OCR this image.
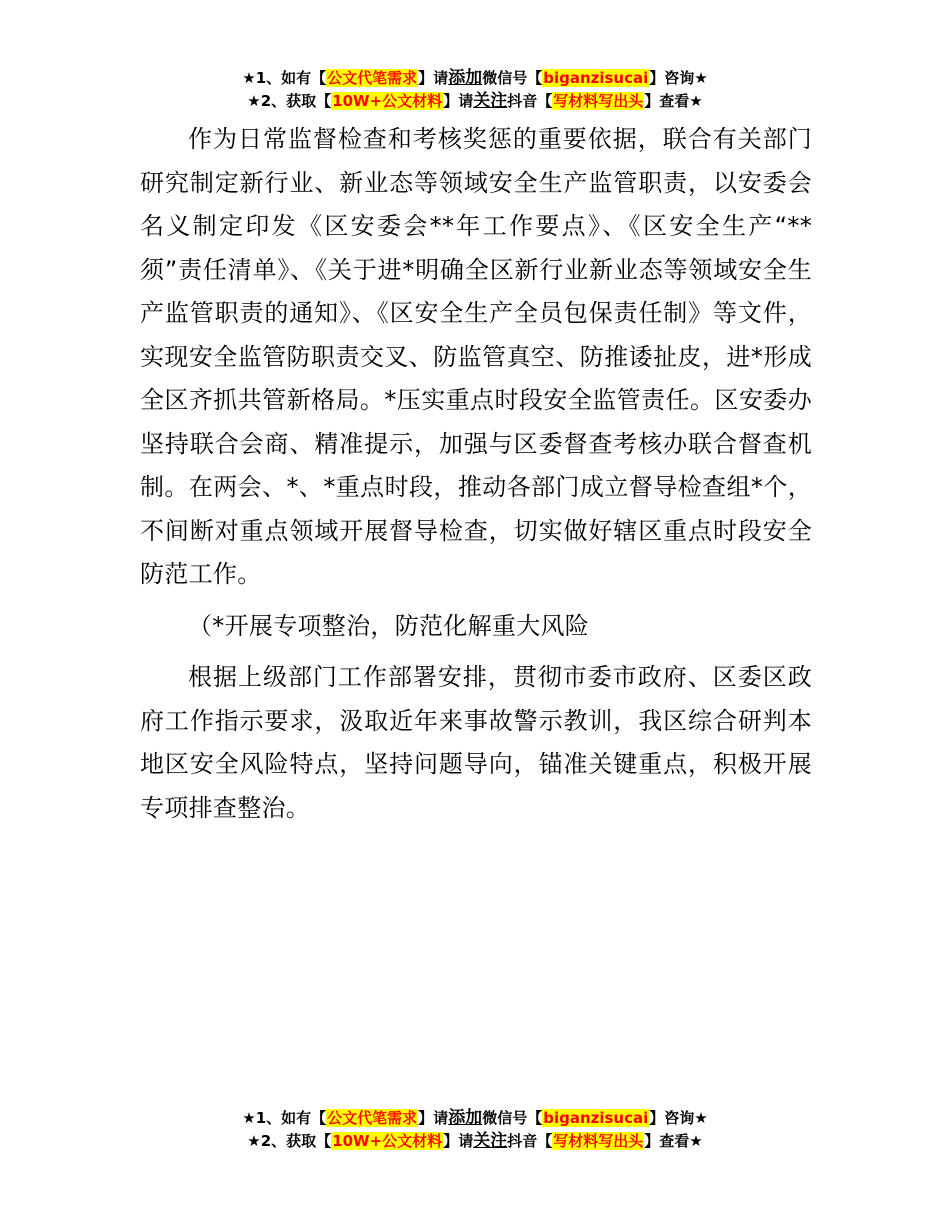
★1、如有【公文代笔需求】请添加微信号【biganzisucai】咨询★
★2、获取【10W+公文材料】请关注抖音【写材料写出头】查看★

作为日常监督检查和考核奖惩的重要依据，联合有关部门研究制定新行业、新业态等领域安全生产监管职责，以安委会名义制定印发《区安委会**年工作要点》、《区安全生产“**须”责任清单》、《关于进*明确全区新行业新业态等领域安全生产监管职责的通知》、《区安全生产全员包保责任制》等文件，实现安全监管防职责交叉、防监管真空、防推诿扯皮，进*形成全区齐抓共管新格局。*压实重点时段安全监管责任。区安委办坚持联合会商、精准提示，加强与区委督查考核办联合督查机制。在两会、*、*重点时段，推动各部门成立督导检查组*个，不间断对重点领域开展督导检查，切实做好辖区重点时段安全防范工作。

（*开展专项整治，防范化解重大风险

根据上级部门工作部署安排，贯彻市委市政府、区委区政府工作指示要求，汲取近年来事故警示教训，我区综合研判本地区安全风险特点，坚持问题导向，锚准关键重点，积极开展专项排查整治。

★1、如有【公文代笔需求】请添加微信号【biganzisucai】咨询★
★2、获取【10W+公文材料】请关注抖音【写材料写出头】查看★
